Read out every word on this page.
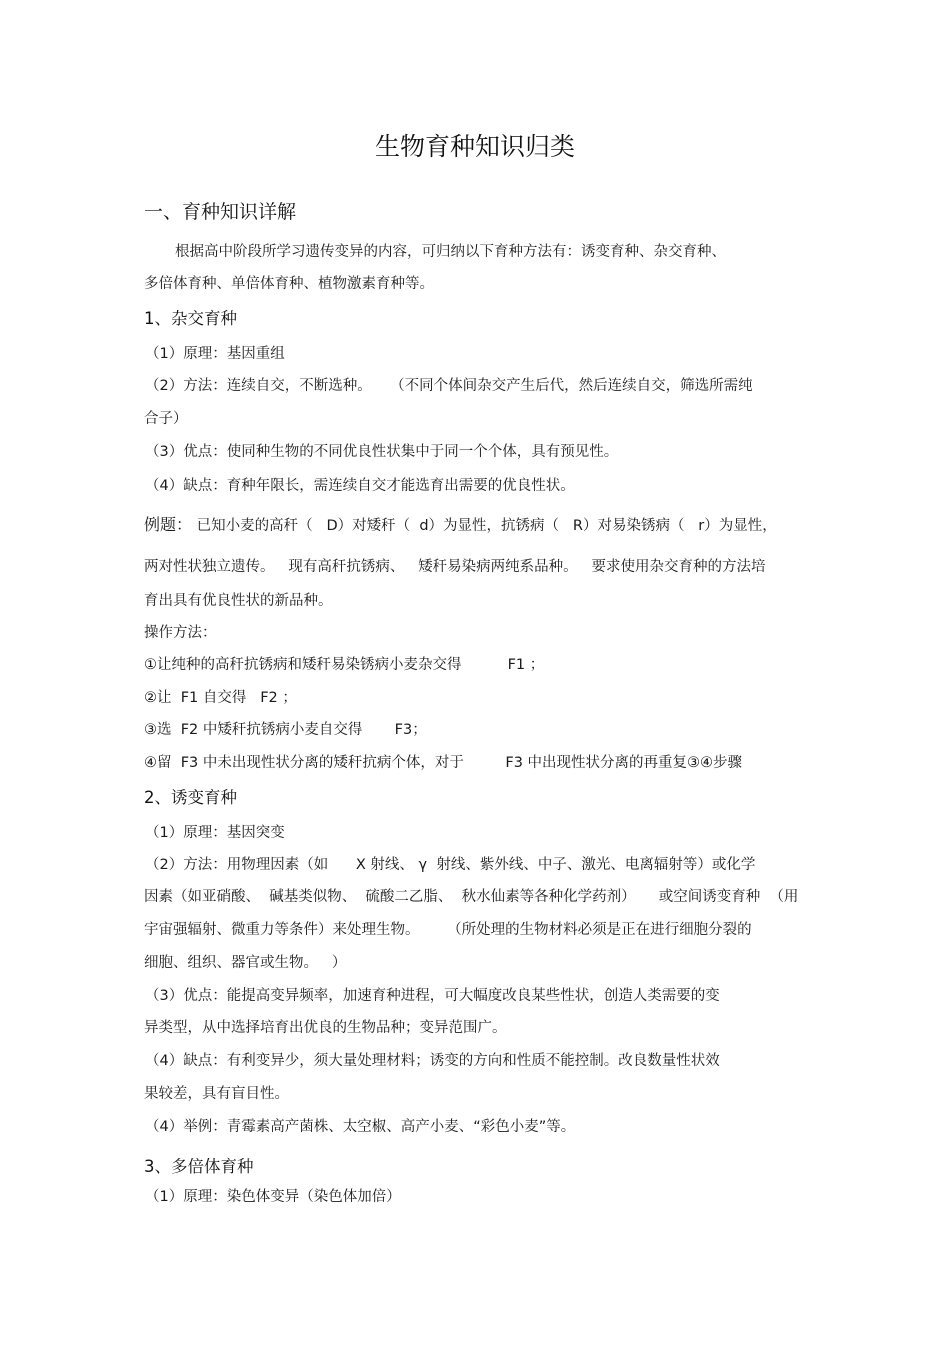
生物育种知识归类
一、育种知识详解
根据高中阶段所学习遗传变异的内容，可归纳以下育种方法有：诱变育种、杂交育种、
多倍体育种、单倍体育种、植物激素育种等。
1、杂交育种
（1）原理：基因重组
（2）方法：连续自交，不断选种。    （不同个体间杂交产生后代，然后连续自交，筛选所需纯
合子）
（3）优点：使同种生物的不同优良性状集中于同一个个体，具有预见性。
（4）缺点：育种年限长，需连续自交才能选育出需要的优良性状。
例题： 已知小麦的高秆（   D）对矮秆（  d）为显性，抗锈病（   R）对易染锈病（   r）为显性，
两对性状独立遗传。   现有高秆抗锈病、   矮秆易染病两纯系品种。   要求使用杂交育种的方法培
育出具有优良性状的新品种。
操作方法：
①让纯种的高秆抗锈病和矮秆易染锈病小麦杂交得          F1 ；
②让  F1 自交得   F2 ；
③选  F2 中矮秆抗锈病小麦自交得       F3；
④留  F3 中未出现性状分离的矮秆抗病个体，对于         F3 中出现性状分离的再重复③④步骤
2、诱变育种
（1）原理：基因突变
（2）方法：用物理因素（如      X 射线、 γ  射线、紫外线、中子、激光、电离辐射等）或化学
因素（如亚硝酸、  碱基类似物、  硫酸二乙脂、  秋水仙素等各种化学药剂）     或空间诱变育种  （用
宇宙强辐射、微重力等条件）来处理生物。      （所处理的生物材料必须是正在进行细胞分裂的
细胞、组织、器官或生物。   ）
（3）优点：能提高变异频率，加速育种进程，可大幅度改良某些性状，创造人类需要的变
异类型，从中选择培育出优良的生物品种；变异范围广。
（4）缺点：有利变异少，须大量处理材料；诱变的方向和性质不能控制。改良数量性状效
果较差，具有盲目性。
（4）举例：青霉素高产菌株、太空椒、高产小麦、“彩色小麦”等。
3、多倍体育种
（1）原理：染色体变异（染色体加倍）
